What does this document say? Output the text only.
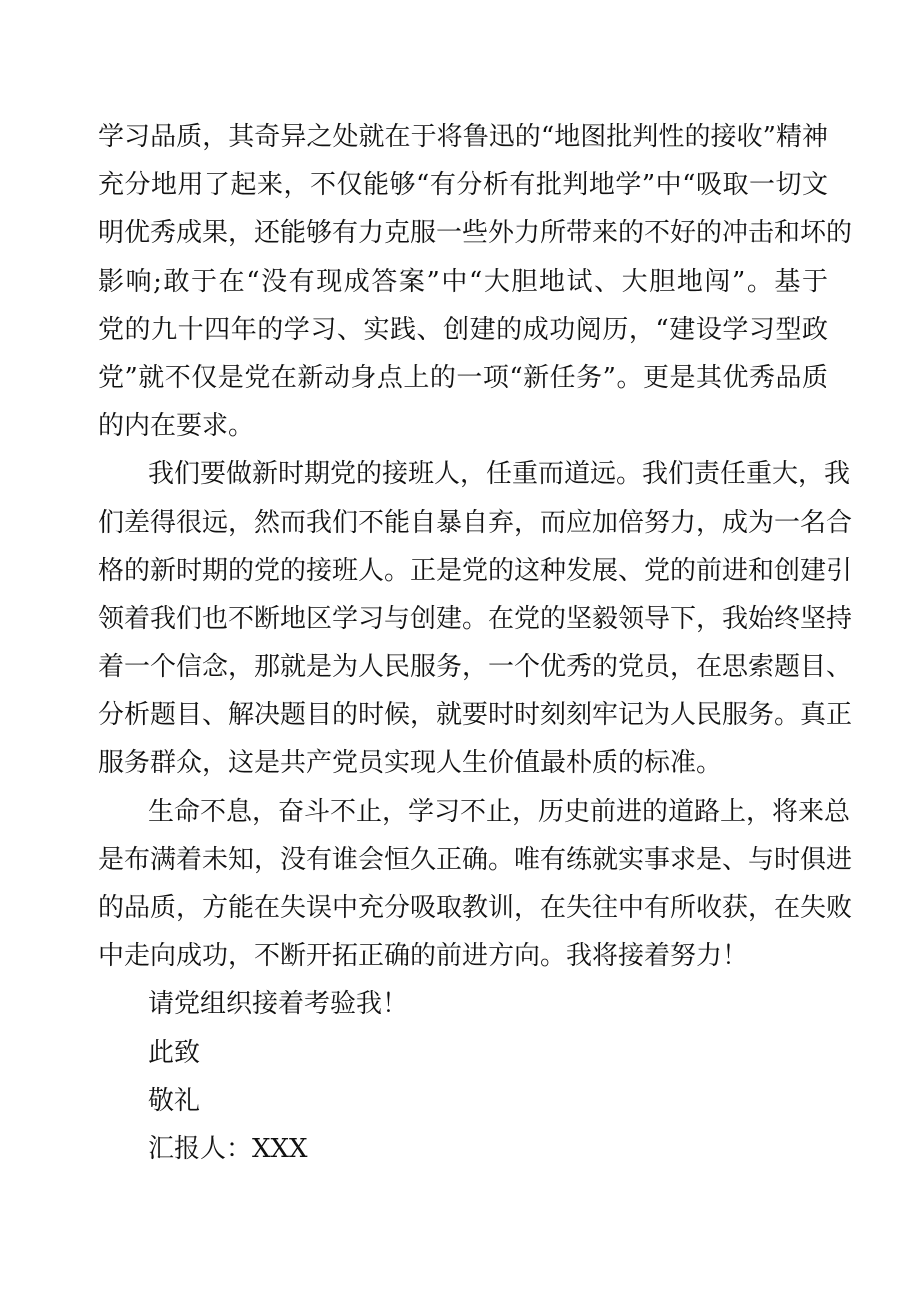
学习品质，其奇异之处就在于将鲁迅的“地图批判性的接收”精神
充分地用了起来，不仅能够“有分析有批判地学”中“吸取一切文
明优秀成果，还能够有力克服一些外力所带来的不好的冲击和坏的
影响;敢于在“没有现成答案”中“大胆地试、大胆地闯”。基于
党的九十四年的学习、实践、创建的成功阅历，“建设学习型政
党”就不仅是党在新动身点上的一项“新任务”。更是其优秀品质
的内在要求。
我们要做新时期党的接班人，任重而道远。我们责任重大，我
们差得很远，然而我们不能自暴自弃，而应加倍努力，成为一名合
格的新时期的党的接班人。正是党的这种发展、党的前进和创建引
领着我们也不断地区学习与创建。在党的坚毅领导下，我始终坚持
着一个信念，那就是为人民服务，一个优秀的党员，在思索题目、
分析题目、解决题目的时候，就要时时刻刻牢记为人民服务。真正
服务群众，这是共产党员实现人生价值最朴质的标准。
生命不息，奋斗不止，学习不止，历史前进的道路上，将来总
是布满着未知，没有谁会恒久正确。唯有练就实事求是、与时俱进
的品质，方能在失误中充分吸取教训，在失往中有所收获，在失败
中走向成功，不断开拓正确的前进方向。我将接着努力！
请党组织接着考验我！
此致
敬礼
汇报人：XXX
